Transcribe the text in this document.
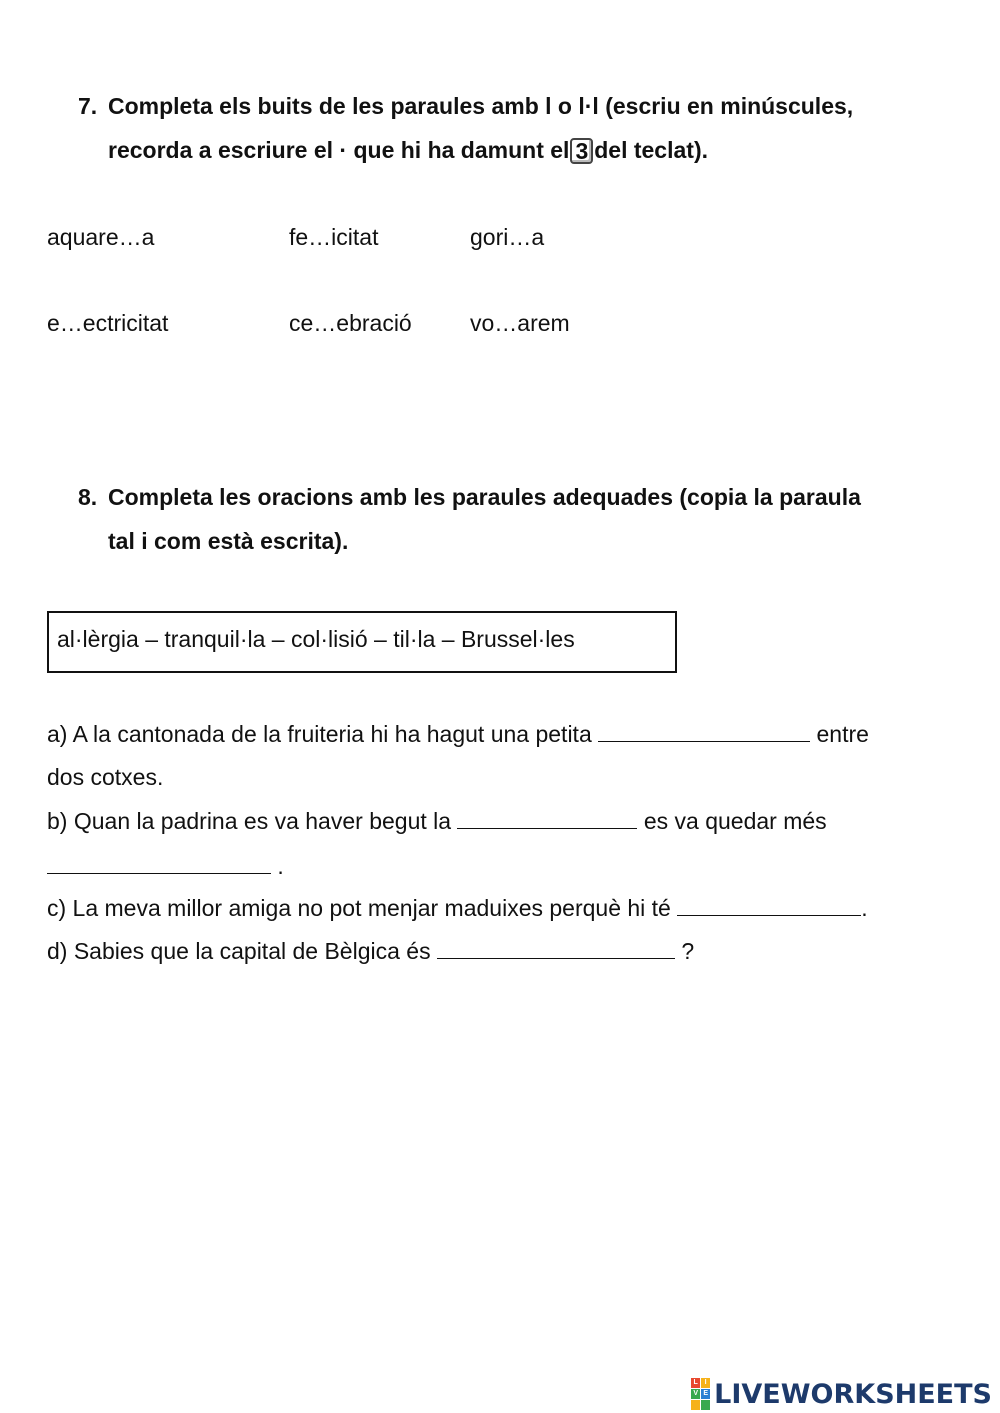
7. Completa els buits de les paraules amb l o l·l (escriu en minúscules,
recorda a escriure el · que hi ha damunt el 3 del teclat).
aquare…a	fe…icitat	gori…a
e…ectricitat	ce…ebració	vo…arem
8. Completa les oracions amb les paraules adequades (copia la paraula
tal i com està escrita).
al·lèrgia – tranquil·la – col·lisió – til·la – Brussel·les
a) A la cantonada de la fruiteria hi ha hagut una petita	entre
dos cotxes.
b) Quan la padrina es va haver begut la	es va quedar més
.
c) La meva millor amiga no pot menjar maduixes perquè hi té	.
d) Sabies que la capital de Bèlgica és	?
L I
V E LIVEWORKSHEETS
